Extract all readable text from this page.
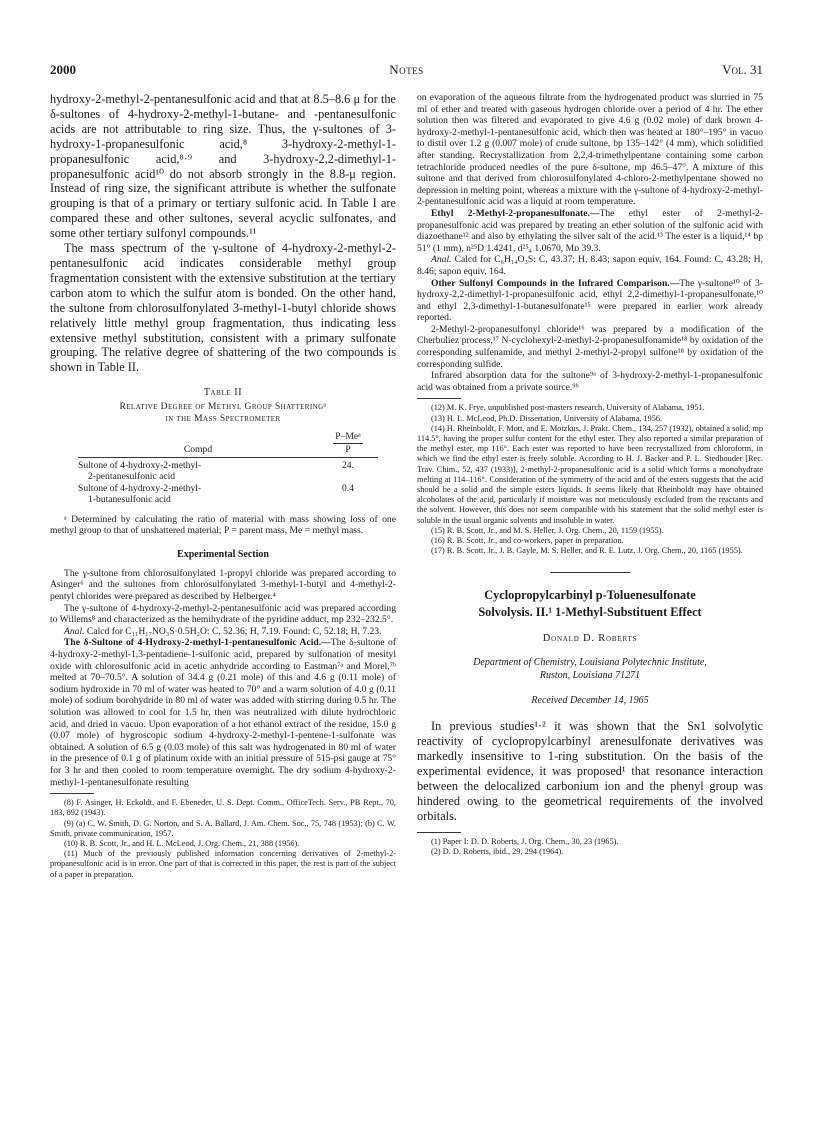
2000	Notes	Vol. 31

hydroxy-2-methyl-2-pentanesulfonic acid and that at 8.5–8.6 μ for the δ-sultones of 4-hydroxy-2-methyl-1-butane- and -pentanesulfonic acids are not attributable to ring size. Thus, the γ-sultones of 3-hydroxy-1-propanesulfonic acid,⁸ 3-hydroxy-2-methyl-1-propanesulfonic acid,⁸·⁹ and 3-hydroxy-2,2-dimethyl-1-propanesulfonic acid¹⁰ do not absorb strongly in the 8.8-μ region. Instead of ring size, the significant attribute is whether the sulfonate grouping is that of a primary or tertiary sulfonic acid. In Table I are compared these and other sultones, several acyclic sulfonates, and some other tertiary sulfonyl compounds.¹¹

The mass spectrum of the γ-sultone of 4-hydroxy-2-methyl-2-pentanesulfonic acid indicates considerable methyl group fragmentation consistent with the extensive substitution at the tertiary carbon atom to which the sulfur atom is bonded. On the other hand, the sultone from chlorosulfonylated 3-methyl-1-butyl chloride shows relatively little methyl group fragmentation, thus indicating less extensive methyl substitution, consistent with a primary sulfonate grouping. The relative degree of shattering of the two compounds is shown in Table II.

Table II
Relative Degree of Methyl Group Shatteringᵃ
in the Mass Spectrometer
	P–Meᵃ
Compd	P
Sultone of 4-hydroxy-2-methyl-	24.
2-pentanesulfonic acid	
Sultone of 4-hydroxy-2-methyl-	0.4
1-butanesulfonic acid	

ᵃ Determined by calculating the ratio of material with mass showing loss of one methyl group to that of unshattered material; P = parent mass, Me = methyl mass.

Experimental Section

The γ-sultone from chlorosulfonylated 1-propyl chloride was prepared according to Asinger⁶ and the sultones from chlorosulfonylated 3-methyl-1-butyl and 4-methyl-2-pentyl chlorides were prepared as described by Helberger.⁴

The γ-sultone of 4-hydroxy-2-methyl-2-pentanesulfonic acid was prepared according to Willems⁸ and characterized as the hemihydrate of the pyridine adduct, mp 232–232.5°.

Anal. Calcd for C₁₁H₁₇NO₃S·0.5H₂O: C, 52.36; H, 7.19. Found: C, 52.18; H, 7.23.

The δ-Sultone of 4-Hydroxy-2-methyl-1-pentanesulfonic Acid.—The δ-sultone of 4-hydroxy-2-methyl-1,3-pentadiene-1-sulfonic acid, prepared by sulfonation of mesityl oxide with chlorosulfonic acid in acetic anhydride according to Eastman⁷ᵃ and Morel,⁷ᵇ melted at 70–70.5°. A solution of 34.4 g (0.21 mole) of this and 4.6 g (0.11 mole) of sodium hydroxide in 70 ml of water was heated to 70° and a warm solution of 4.0 g (0.11 mole) of sodium borohydride in 80 ml of water was added with stirring during 0.5 hr. The solution was allowed to cool for 1.5 hr, then was neutralized with dilute hydrochloric acid, and dried in vacuo. Upon evaporation of a hot ethanol extract of the residue, 15.0 g (0.07 mole) of hygroscopic sodium 4-hydroxy-2-methyl-1-pentene-1-sulfonate was obtained. A solution of 6.5 g (0.03 mole) of this salt was hydrogenated in 80 ml of water in the presence of 0.1 g of platinum oxide with an initial pressure of 515-psi gauge at 75° for 3 hr and then cooled to room temperature overnight. The dry sodium 4-hydroxy-2-methyl-1-pentanesulfonate resulting

(8) F. Asinger, H. Eckoldt, and F. Ebeneder, U. S. Dept. Comm., OfficeTech. Serv., PB Rept., 70, 183, 892 (1943).

(9) (a) C. W. Smith, D. G. Norton, and S. A. Ballard, J. Am. Chem. Soc., 75, 748 (1953); (b) C. W. Smith, private communication, 1957.

(10) R. B. Scott, Jr., and H. L. McLeod, J. Org. Chem., 21, 388 (1956).

(11) Much of the previously published information concerning derivatives of 2-methyl-2-propanesulfonic acid is in error. One part of that is corrected in this paper, the rest is part of the subject of a paper in preparation.

on evaporation of the aqueous filtrate from the hydrogenated product was slurried in 75 ml of ether and treated with gaseous hydrogen chloride over a period of 4 hr. The ether solution then was filtered and evaporated to give 4.6 g (0.02 mole) of dark brown 4-hydroxy-2-methyl-1-pentanesulfonic acid, which then was heated at 180°–195° in vacuo to distil over 1.2 g (0.007 mole) of crude sultone, bp 135–142° (4 mm), which solidified after standing. Recrystallization from 2,2,4-trimethylpentane containing some carbon tetrachloride produced needles of the pure δ-sultone, mp 46.5–47°. A mixture of this sultone and that derived from chlorosulfonylated 4-chloro-2-methylpentane showed no depression in melting point, whereas a mixture with the γ-sultone of 4-hydroxy-2-methyl-2-pentanesulfonic acid was a liquid at room temperature.

Ethyl 2-Methyl-2-propanesulfonate.—The ethyl ester of 2-methyl-2-propanesulfonic acid was prepared by treating an ether solution of the sulfonic acid with diazoethane¹² and also by ethylating the silver salt of the acid.¹³ The ester is a liquid,¹⁴ bp 51° (1 mm), n²⁵D 1.4241, d²⁵₄ 1.0670, Mᴅ 39.3.

Anal. Calcd for C₆H₁₄O₃S: C, 43.37; H, 8.43; sapon equiv, 164. Found: C, 43.28; H, 8.46; sapon equiv, 164.

Other Sulfonyl Compounds in the Infrared Comparison.—The γ-sultone¹⁰ of 3-hydroxy-2,2-dimethyl-1-propanesulfonic acid, ethyl 2,2-dimethyl-1-propanesulfonate,¹⁰ and ethyl 2,3-dimethyl-1-butanesulfonate¹⁵ were prepared in earlier work already reported.

2-Methyl-2-propanesulfonyl chloride¹⁶ was prepared by a modification of the Cherbuliez process,¹⁷ N-cyclohexyl-2-methyl-2-propanesulfonamide¹⁸ by oxidation of the corresponding sulfenamide, and methyl 2-methyl-2-propyl sulfone¹⁸ by oxidation of the corresponding sulfide.

Infrared absorption data for the sultone⁹ᵃ of 3-hydroxy-2-methyl-1-propanesulfonic acid was obtained from a private source.⁹ᵇ

(12) M. K. Frye, unpublished post-masters research, University of Alabama, 1951.

(13) H. L. McLeod, Ph.D. Dissertation, University of Alabama, 1956.

(14) H. Rheinboldt, F. Mott, and E. Motzkus, J. Prakt. Chem., 134, 257 (1932), obtained a solid, mp 114.5°, having the proper sulfur content for the ethyl ester. They also reported a similar preparation of the methyl ester, mp 116°. Each ester was reported to have been recrystallized from chloroform, in which we find the ethyl ester is freely soluble. According to H. J. Backer and P. L. Stedhouder [Rec. Trav. Chim., 52, 437 (1933)], 2-methyl-2-propanesulfonic acid is a solid which forms a monohydrate melting at 114–116°. Consideration of the symmetry of the acid and of the esters suggests that the acid should be a solid and the simple esters liquids. It seems likely that Rheinboldt may have obtained alcoholates of the acid, particularly if moisture was not meticulously excluded from the reactants and the solvent. However, this does not seem compatible with his statement that the solid methyl ester is soluble in the usual organic solvents and insoluble in water.

(15) R. B. Scott, Jr., and M. S. Heller, J. Org. Chem., 20, 1159 (1955).

(16) R. B. Scott, Jr., and co-workers, paper in preparation.

(17) R. B. Scott, Jr., J. B. Gayle, M. S. Heller, and R. E. Lutz, J. Org. Chem., 20, 1165 (1955).

Cyclopropylcarbinyl p-Toluenesulfonate
Solvolysis. II.¹ 1-Methyl-Substituent Effect
Donald D. Roberts
Department of Chemistry, Louisiana Polytechnic Institute,
Ruston, Louisiana 71271
Received December 14, 1965

In previous studies¹·² it was shown that the Sɴ1 solvolytic reactivity of cyclopropylcarbinyl arenesulfonate derivatives was markedly insensitive to 1-ring substitution. On the basis of the experimental evidence, it was proposed¹ that resonance interaction between the delocalized carbonium ion and the phenyl group was hindered owing to the geometrical requirements of the involved orbitals.

(1) Paper I: D. D. Roberts, J. Org. Chem., 30, 23 (1965).

(2) D. D. Roberts, ibid., 29, 294 (1964).
